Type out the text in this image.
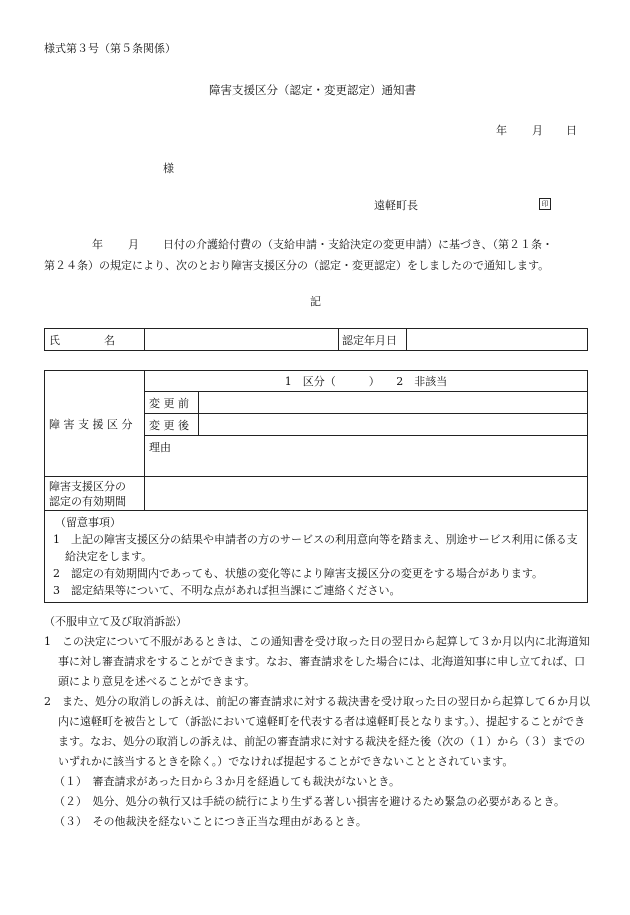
様式第３号（第５条関係）
障害支援区分（認定・変更認定）通知書
年 月 日
様
遠軽町長	印
年 月 日付の介護給付費の（支給申請・支給決定の変更申請）に基づき、（第２１条・
第２４条）の規定により、次のとおり障害支援区分の（認定・変更認定）をしましたので通知します。
記
氏　　　　名		認定年月日	
障 害 支 援 区 分	1　区分（　　　）　　2　非該当	
	変 更 前	
	変 更 後	
	理由	

障害支援区分の
認定の有効期間		

（留意事項）
1　上記の障害支援区分の結果や申請者の方のサービスの利用意向等を踏まえ、別途サービス利用に係る支給決定をします。
2　認定の有効期間内であっても、状態の変化等により障害支援区分の変更をする場合があります。
3　認定結果等について、不明な点があれば担当課にご連絡ください。		

（不服申立て及び取消訴訟）

1　この決定について不服があるときは、この通知書を受け取った日の翌日から起算して３か月以内に北海道知事に対し審査請求をすることができます。なお、審査請求をした場合には、北海道知事に申し立てれば、口頭により意見を述べることができます。

2　また、処分の取消しの訴えは、前記の審査請求に対する裁決書を受け取った日の翌日から起算して６か月以内に遠軽町を被告として（訴訟において遠軽町を代表する者は遠軽町長となります。）、提起することができます。なお、処分の取消しの訴えは、前記の審査請求に対する裁決を経た後（次の（１）から（３）までのいずれかに該当するときを除く。）でなければ提起することができないこととされています。

（１）　審査請求があった日から３か月を経過しても裁決がないとき。

（２）　処分、処分の執行又は手続の続行により生ずる著しい損害を避けるため緊急の必要があるとき。

（３）　その他裁決を経ないことにつき正当な理由があるとき。
